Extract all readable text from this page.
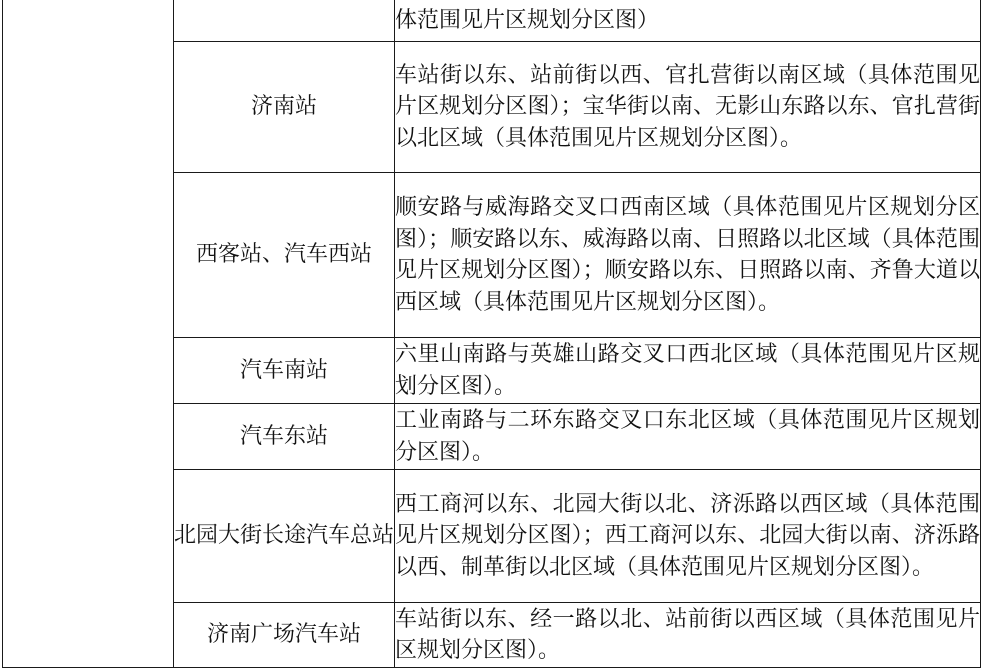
		体范围见片区规划分区图）
	济南站	车站街以东、站前街以西、官扎营街以南区域（具体范围见片区规划分区图）；宝华街以南、无影山东路以东、官扎营街以北区域（具体范围见片区规划分区图）。
	西客站、汽车西站	顺安路与威海路交叉口西南区域（具体范围见片区规划分区图）；顺安路以东、威海路以南、日照路以北区域（具体范围见片区规划分区图）；顺安路以东、日照路以南、齐鲁大道以西区域（具体范围见片区规划分区图）。
	汽车南站	六里山南路与英雄山路交叉口西北区域（具体范围见片区规划分区图）。
	汽车东站	工业南路与二环东路交叉口东北区域（具体范围见片区规划分区图）。
	北园大街长途汽车总站	西工商河以东、北园大街以北、济泺路以西区域（具体范围见片区规划分区图）；西工商河以东、北园大街以南、济泺路以西、制革街以北区域（具体范围见片区规划分区图）。
	济南广场汽车站	车站街以东、经一路以北、站前街以西区域（具体范围见片区规划分区图）。
